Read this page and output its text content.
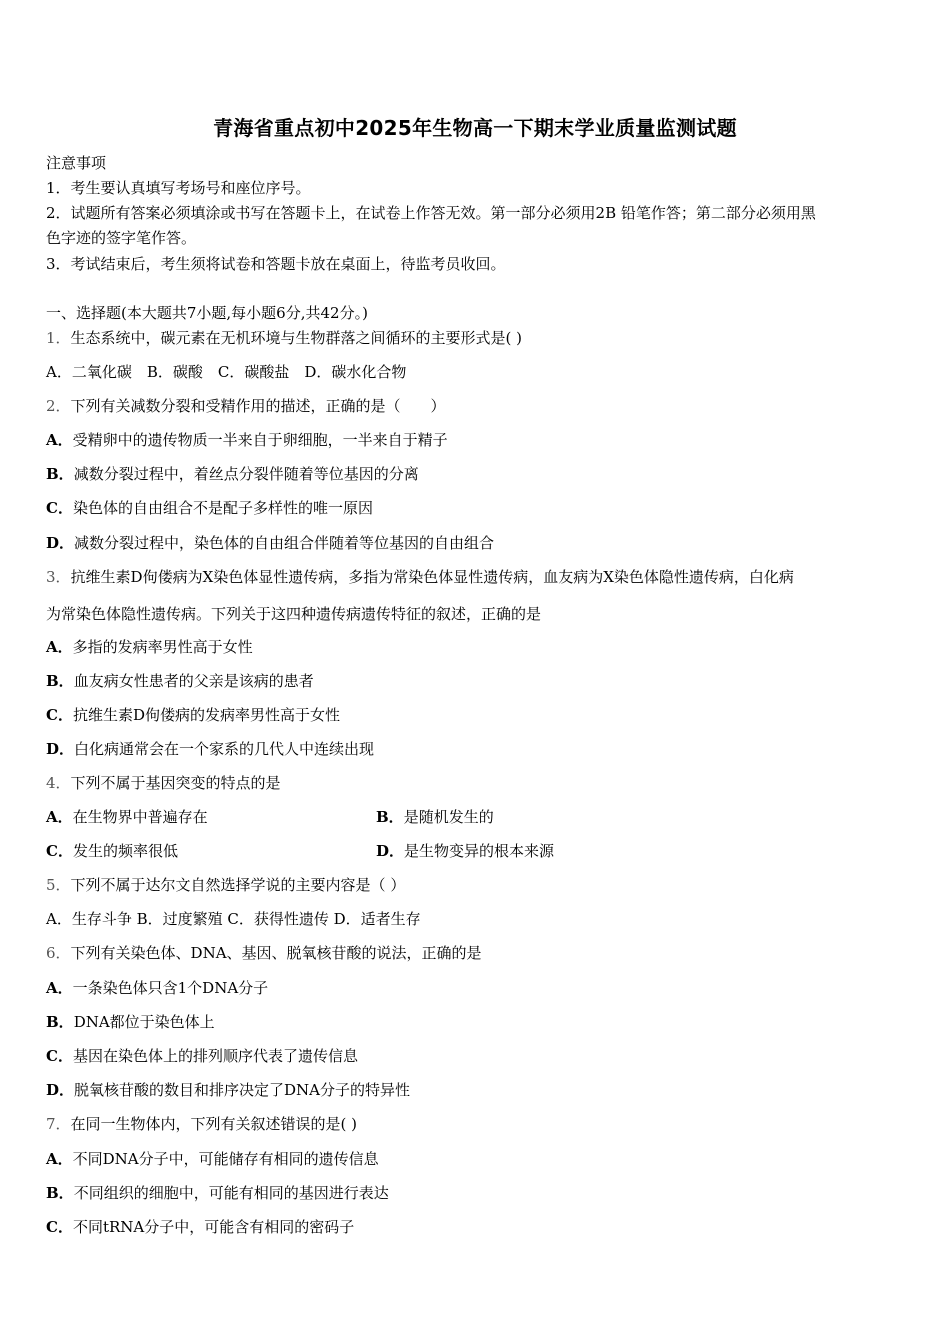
青海省重点初中2025年生物高一下期末学业质量监测试题
注意事项
1．考生要认真填写考场号和座位序号。
2．试题所有答案必须填涂或书写在答题卡上，在试卷上作答无效。第一部分必须用2B 铅笔作答；第二部分必须用黑
色字迹的签字笔作答。
3．考试结束后，考生须将试卷和答题卡放在桌面上，待监考员收回。
一、选择题(本大题共7小题,每小题6分,共42分。)
1．生态系统中，碳元素在无机环境与生物群落之间循环的主要形式是( )
A．二氧化碳　B．碳酸　C．碳酸盐　D．碳水化合物
2．下列有关减数分裂和受精作用的描述，正确的是（　　）
A．受精卵中的遗传物质一半来自于卵细胞，一半来自于精子
B．减数分裂过程中，着丝点分裂伴随着等位基因的分离
C．染色体的自由组合不是配子多样性的唯一原因
D．减数分裂过程中，染色体的自由组合伴随着等位基因的自由组合
3．抗维生素D佝偻病为X染色体显性遗传病，多指为常染色体显性遗传病，血友病为X染色体隐性遗传病，白化病
为常染色体隐性遗传病。下列关于这四种遗传病遗传特征的叙述，正确的是
A．多指的发病率男性高于女性
B．血友病女性患者的父亲是该病的患者
C．抗维生素D佝偻病的发病率男性高于女性
D．白化病通常会在一个家系的几代人中连续出现
4．下列不属于基因突变的特点的是
A．在生物界中普遍存在	B．是随机发生的
C．发生的频率很低	D．是生物变异的根本来源
5．下列不属于达尔文自然选择学说的主要内容是（ ）
A．生存斗争 B．过度繁殖 C．获得性遗传 D．适者生存
6．下列有关染色体、DNA、基因、脱氧核苷酸的说法，正确的是
A．一条染色体只含1个DNA分子
B．DNA都位于染色体上
C．基因在染色体上的排列顺序代表了遗传信息
D．脱氧核苷酸的数目和排序决定了DNA分子的特异性
7．在同一生物体内，下列有关叙述错误的是( )
A．不同DNA分子中，可能储存有相同的遗传信息
B．不同组织的细胞中，可能有相同的基因进行表达
C．不同tRNA分子中，可能含有相同的密码子
